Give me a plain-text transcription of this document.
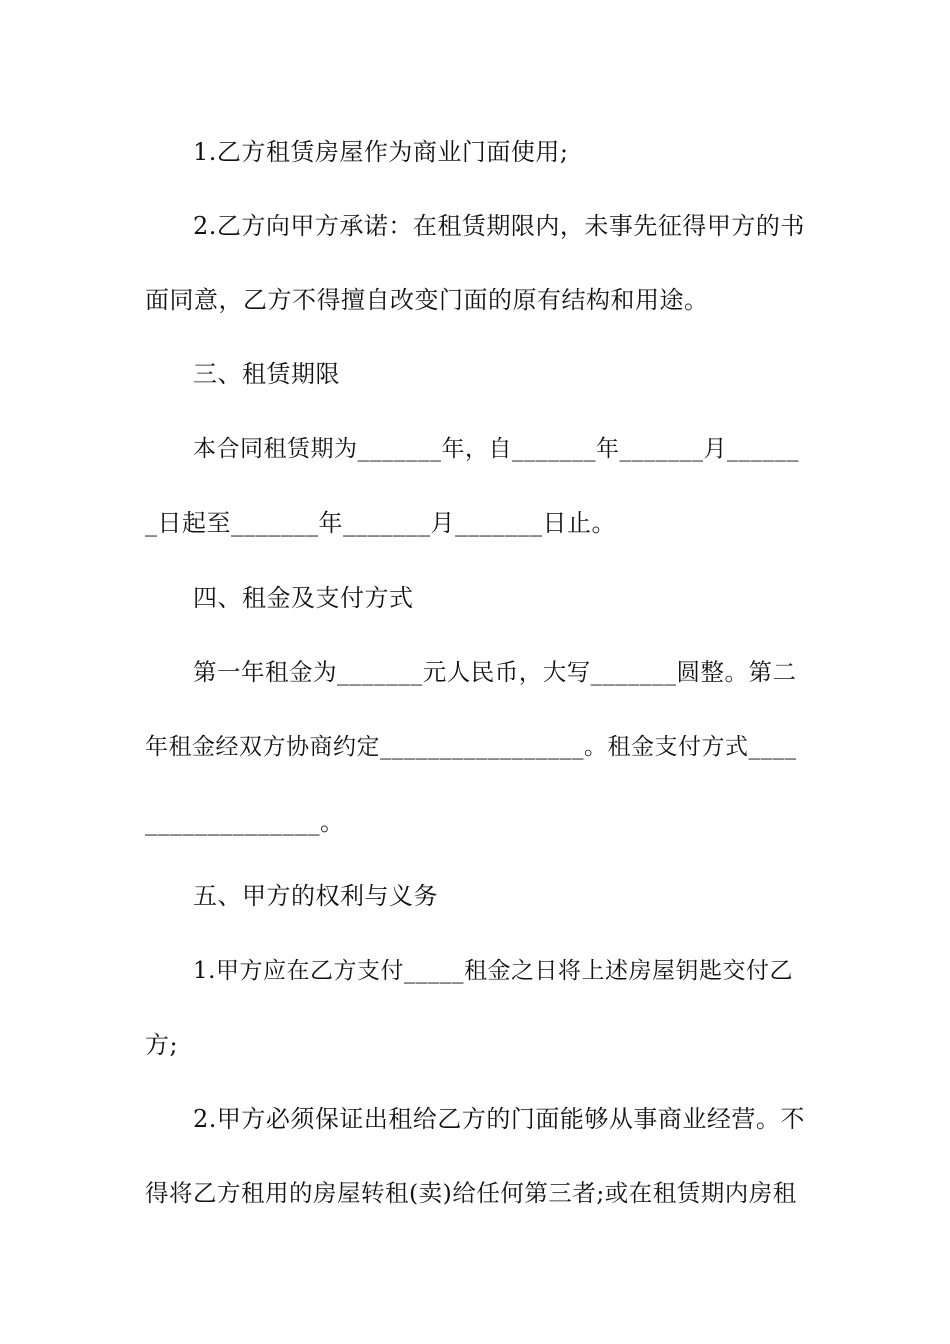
1.乙方租赁房屋作为商业门面使用;
2.乙方向甲方承诺：在租赁期限内，未事先征得甲方的书
面同意，乙方不得擅自改变门面的原有结构和用途。
三、租赁期限
本合同租赁期为_______年，自_______年_______月______
_日起至_______年_______月_______日止。
四、租金及支付方式
第一年租金为_______元人民币，大写_______圆整。第二
年租金经双方协商约定_________________。租金支付方式____
______________。
五、甲方的权利与义务
1.甲方应在乙方支付_____租金之日将上述房屋钥匙交付乙
方;
2.甲方必须保证出租给乙方的门面能够从事商业经营。不
得将乙方租用的房屋转租(卖)给任何第三者;或在租赁期内房租
